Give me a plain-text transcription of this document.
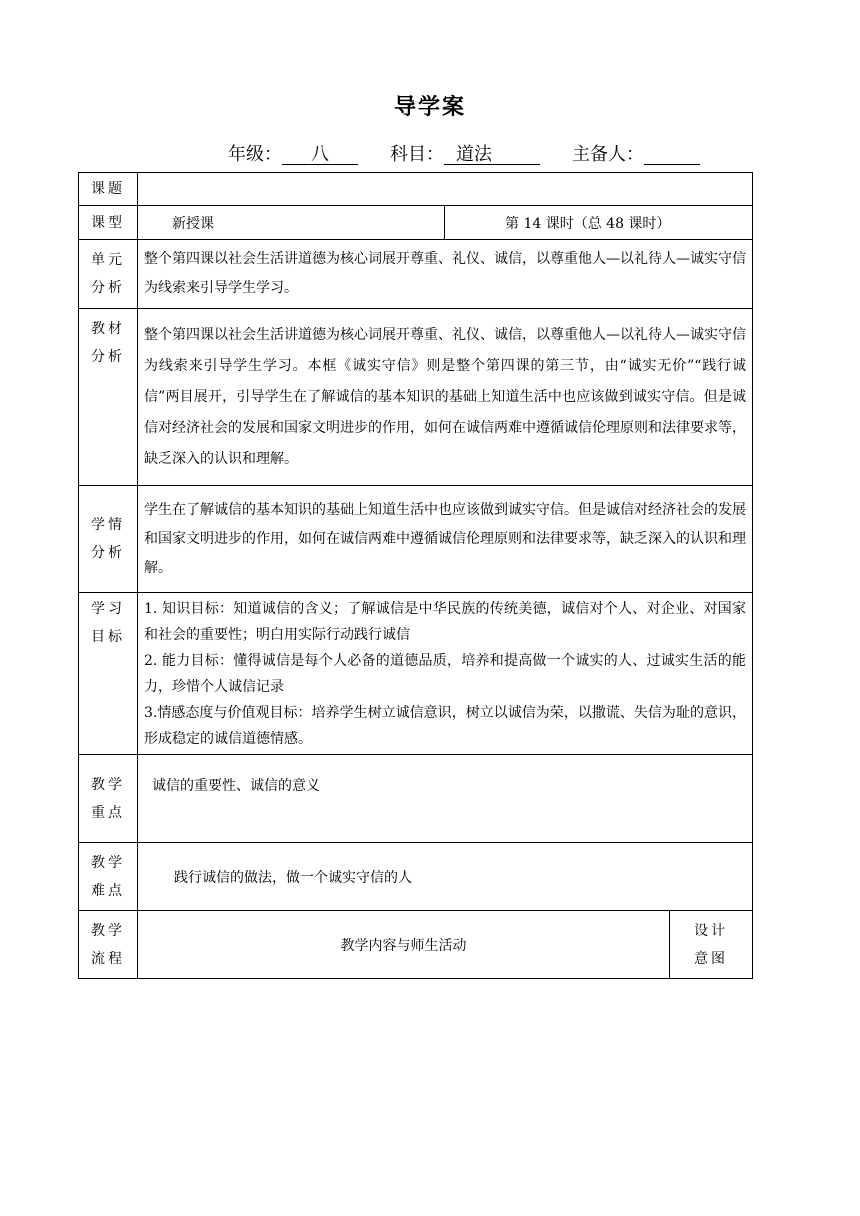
导学案
年级： 八	科目： 道法	主备人：
课题			
课型	新授课	第 14 课时（总 48 课时）	

单元
分析	整个第四课以社会生活讲道德为核心词展开尊重、礼仪、诚信，以尊重他人—以礼待人—诚实守信为线索来引导学生学习。		

教材
分析	整个第四课以社会生活讲道德为核心词展开尊重、礼仪、诚信，以尊重他人—以礼待人—诚实守信为线索来引导学生学习。本框《诚实守信》则是整个第四课的第三节，由“诚实无价”“践行诚信”两目展开，引导学生在了解诚信的基本知识的基础上知道生活中也应该做到诚实守信。但是诚信对经济社会的发展和国家文明进步的作用，如何在诚信两难中遵循诚信伦理原则和法律要求等，缺乏深入的认识和理解。		

学情
分析	学生在了解诚信的基本知识的基础上知道生活中也应该做到诚实守信。但是诚信对经济社会的发展和国家文明进步的作用，如何在诚信两难中遵循诚信伦理原则和法律要求等，缺乏深入的认识和理解。		

学习
目标	1. 知识目标：知道诚信的含义；了解诚信是中华民族的传统美德，诚信对个人、对企业、对国家和社会的重要性；明白用实际行动践行诚信
2. 能力目标：懂得诚信是每个人必备的道德品质，培养和提高做一个诚实的人、过诚实生活的能力，珍惜个人诚信记录
3.情感态度与价值观目标：培养学生树立诚信意识，树立以诚信为荣，以撒谎、失信为耻的意识，形成稳定的诚信道德情感。		

教学
重点	诚信的重要性、诚信的意义		

教学
难点	践行诚信的做法，做一个诚实守信的人		

教学
流程	教学内容与师生活动		设计
意图
